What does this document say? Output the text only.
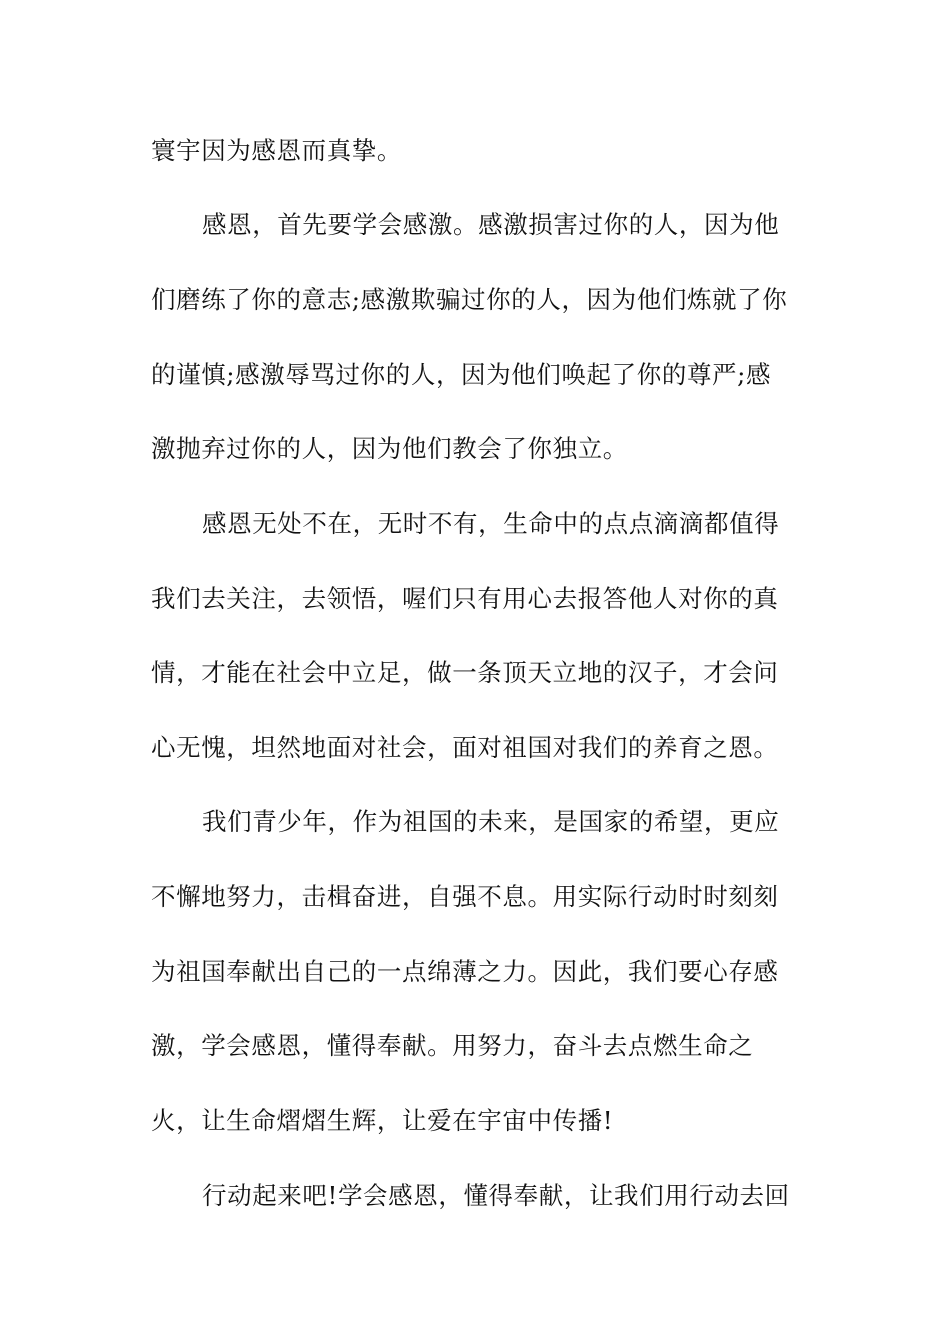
寰宇因为感恩而真挚。
感恩，首先要学会感激。感激损害过你的人，因为他
们磨练了你的意志;感激欺骗过你的人，因为他们炼就了你
的谨慎;感激辱骂过你的人，因为他们唤起了你的尊严;感
激抛弃过你的人，因为他们教会了你独立。
感恩无处不在，无时不有，生命中的点点滴滴都值得
我们去关注，去领悟，喔们只有用心去报答他人对你的真
情，才能在社会中立足，做一条顶天立地的汉子，才会问
心无愧，坦然地面对社会，面对祖国对我们的养育之恩。
我们青少年，作为祖国的未来，是国家的希望，更应
不懈地努力，击楫奋进，自强不息。用实际行动时时刻刻
为祖国奉献出自己的一点绵薄之力。因此，我们要心存感
激，学会感恩，懂得奉献。用努力，奋斗去点燃生命之
火，让生命熠熠生辉，让爱在宇宙中传播!
行动起来吧!学会感恩，懂得奉献，让我们用行动去回
